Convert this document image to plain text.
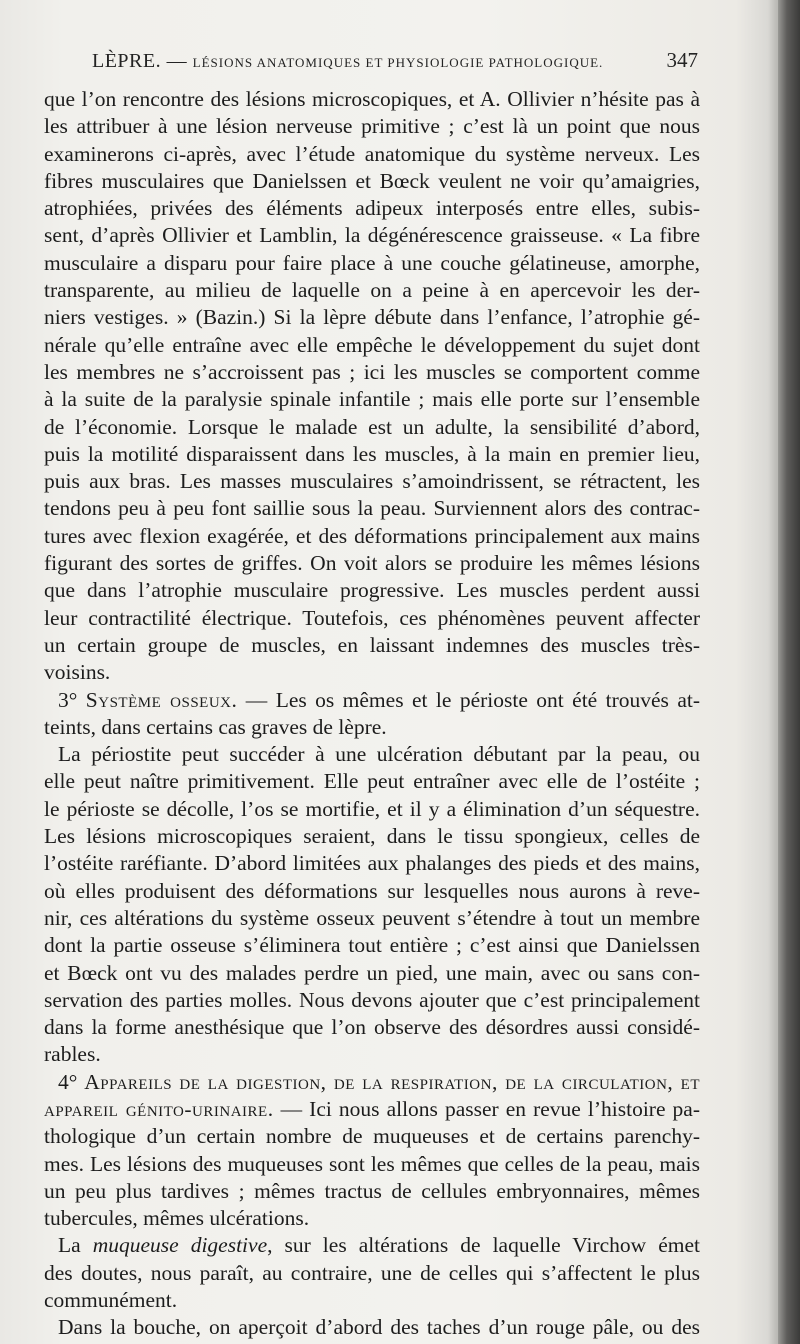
LÈPRE. — LÉSIONS ANATOMIQUES ET PHYSIOLOGIE PATHOLOGIQUE.	347
que l’on rencontre des lésions microscopiques, et A. Ollivier n’hésite pas à
les attribuer à une lésion nerveuse primitive ; c’est là un point que nous
examinerons ci-après, avec l’étude anatomique du système nerveux. Les
fibres musculaires que Danielssen et Bœck veulent ne voir qu’amaigries,
atrophiées, privées des éléments adipeux interposés entre elles, subis-
sent, d’après Ollivier et Lamblin, la dégénérescence graisseuse. « La fibre
musculaire a disparu pour faire place à une couche gélatineuse, amorphe,
transparente, au milieu de laquelle on a peine à en apercevoir les der-
niers vestiges. » (Bazin.) Si la lèpre débute dans l’enfance, l’atrophie gé-
nérale qu’elle entraîne avec elle empêche le développement du sujet dont
les membres ne s’accroissent pas ; ici les muscles se comportent comme
à la suite de la paralysie spinale infantile ; mais elle porte sur l’ensemble
de l’économie. Lorsque le malade est un adulte, la sensibilité d’abord,
puis la motilité disparaissent dans les muscles, à la main en premier lieu,
puis aux bras. Les masses musculaires s’amoindrissent, se rétractent, les
tendons peu à peu font saillie sous la peau. Surviennent alors des contrac-
tures avec flexion exagérée, et des déformations principalement aux mains
figurant des sortes de griffes. On voit alors se produire les mêmes lésions
que dans l’atrophie musculaire progressive. Les muscles perdent aussi
leur contractilité électrique. Toutefois, ces phénomènes peuvent affecter
un certain groupe de muscles, en laissant indemnes des muscles très-
voisins.
3° Système osseux. — Les os mêmes et le périoste ont été trouvés at-
teints, dans certains cas graves de lèpre.
La périostite peut succéder à une ulcération débutant par la peau, ou
elle peut naître primitivement. Elle peut entraîner avec elle de l’ostéite ;
le périoste se décolle, l’os se mortifie, et il y a élimination d’un séquestre.
Les lésions microscopiques seraient, dans le tissu spongieux, celles de
l’ostéite raréfiante. D’abord limitées aux phalanges des pieds et des mains,
où elles produisent des déformations sur lesquelles nous aurons à reve-
nir, ces altérations du système osseux peuvent s’étendre à tout un membre
dont la partie osseuse s’éliminera tout entière ; c’est ainsi que Danielssen
et Bœck ont vu des malades perdre un pied, une main, avec ou sans con-
servation des parties molles. Nous devons ajouter que c’est principalement
dans la forme anesthésique que l’on observe des désordres aussi considé-
rables.
4° Appareils de la digestion, de la respiration, de la circulation, et
appareil génito-urinaire. — Ici nous allons passer en revue l’histoire pa-
thologique d’un certain nombre de muqueuses et de certains parenchy-
mes. Les lésions des muqueuses sont les mêmes que celles de la peau, mais
un peu plus tardives ; mêmes tractus de cellules embryonnaires, mêmes
tubercules, mêmes ulcérations.
La muqueuse digestive, sur les altérations de laquelle Virchow émet
des doutes, nous paraît, au contraire, une de celles qui s’affectent le plus
communément.
Dans la bouche, on aperçoit d’abord des taches d’un rouge pâle, ou des
